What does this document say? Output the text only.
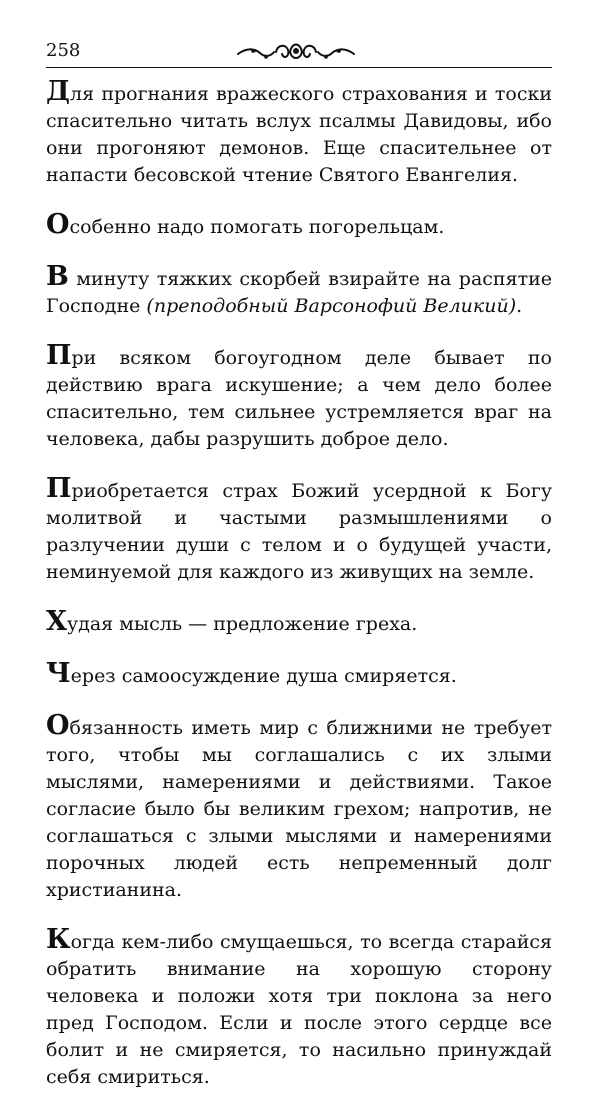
258

Для прогнания вражеского страхования и тоски спасительно читать вслух псалмы Давидовы, ибо они прогоняют демонов. Еще спасительнее от напасти бесовской чтение Святого Евангелия.

Особенно надо помогать погорельцам.

В минуту тяжких скорбей взирайте на распятие Господне (преподобный Варсонофий Великий).

При всяком богоугодном деле бывает по действию врага искушение; а чем дело более спасительно, тем сильнее устремляется враг на человека, дабы разрушить доброе дело.

Приобретается страх Божий усердной к Богу молитвой и частыми размышлениями о разлучении души с телом и о будущей участи, неминуемой для каждого из живущих на земле.

Худая мысль — предложение греха.

Через самоосуждение душа смиряется.

Обязанность иметь мир с ближними не требует того, чтобы мы соглашались с их злыми мыслями, намерениями и действиями. Такое согласие было бы великим грехом; напротив, не соглашаться с злыми мыслями и намерениями порочных людей есть непременный долг христианина.

Когда кем-либо смущаешься, то всегда старайся обратить внимание на хорошую сторону человека и положи хотя три поклона за него пред Господом. Если и после этого сердце все болит и не смиряется, то насильно принуждай себя смириться.
